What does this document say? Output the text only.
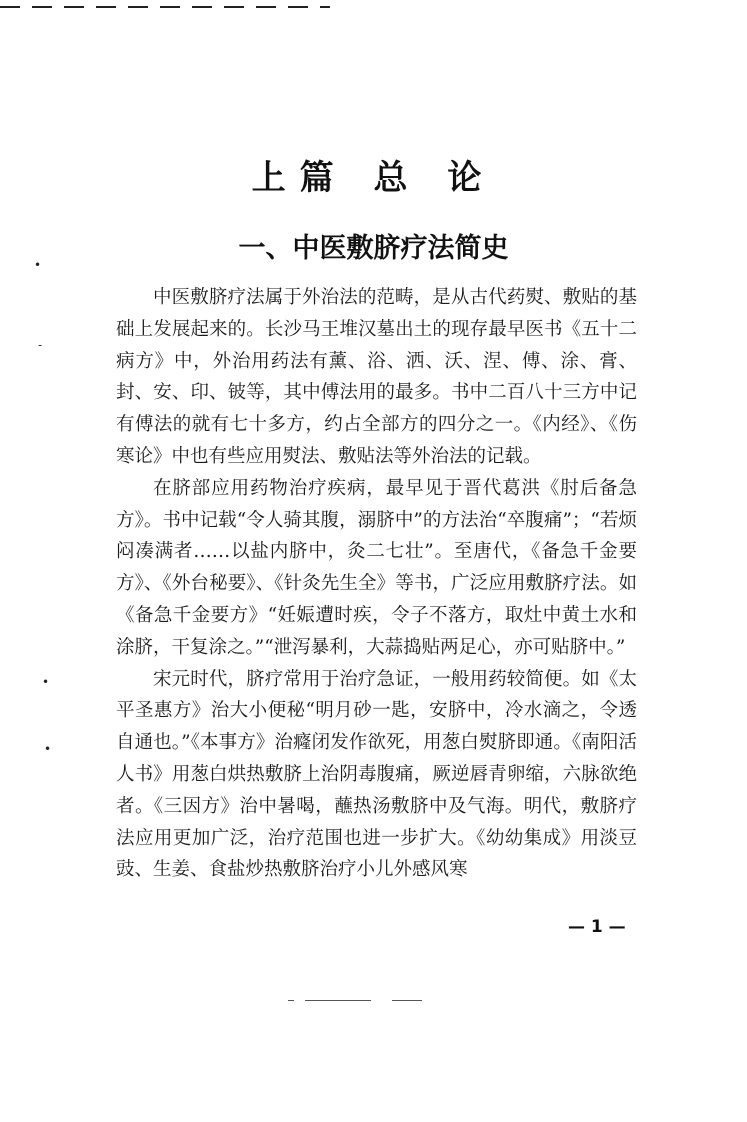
上篇 总 论
一、中医敷脐疗法简史

中医敷脐疗法属于外治法的范畴，是从古代药熨、敷贴的基础上发展起来的。长沙马王堆汉墓出土的现存最早医书《五十二病方》中，外治用药法有薰、浴、洒、沃、涅、傅、涂、膏、封、安、印、铍等，其中傅法用的最多。书中二百八十三方中记有傅法的就有七十多方，约占全部方的四分之一。《内经》、《伤寒论》中也有些应用熨法、敷贴法等外治法的记载。

在脐部应用药物治疗疾病，最早见于晋代葛洪《肘后备急方》。书中记载“令人骑其腹，溺脐中”的方法治“卒腹痛”；“若烦闷凑满者……以盐内脐中，灸二七壮”。至唐代，《备急千金要方》、《外台秘要》、《针灸先生全》等书，广泛应用敷脐疗法。如《备急千金要方》“妊娠遭时疾，令子不落方，取灶中黄土水和涂脐，干复涂之。”“泄泻暴利，大蒜捣贴两足心，亦可贴脐中。”

宋元时代，脐疗常用于治疗急证，一般用药较简便。如《太平圣惠方》治大小便秘“明月砂一匙，安脐中，冷水滴之，令透自通也。”《本事方》治癃闭发作欲死，用葱白熨脐即通。《南阳活人书》用葱白烘热敷脐上治阴毒腹痛，厥逆唇青卵缩，六脉欲绝者。《三因方》治中暑喝，蘸热汤敷脐中及气海。明代，敷脐疗法应用更加广泛，治疗范围也进一步扩大。《幼幼集成》用淡豆豉、生姜、食盐炒热敷脐治疗小儿外感风寒

•
-
•
•
— 1 —
